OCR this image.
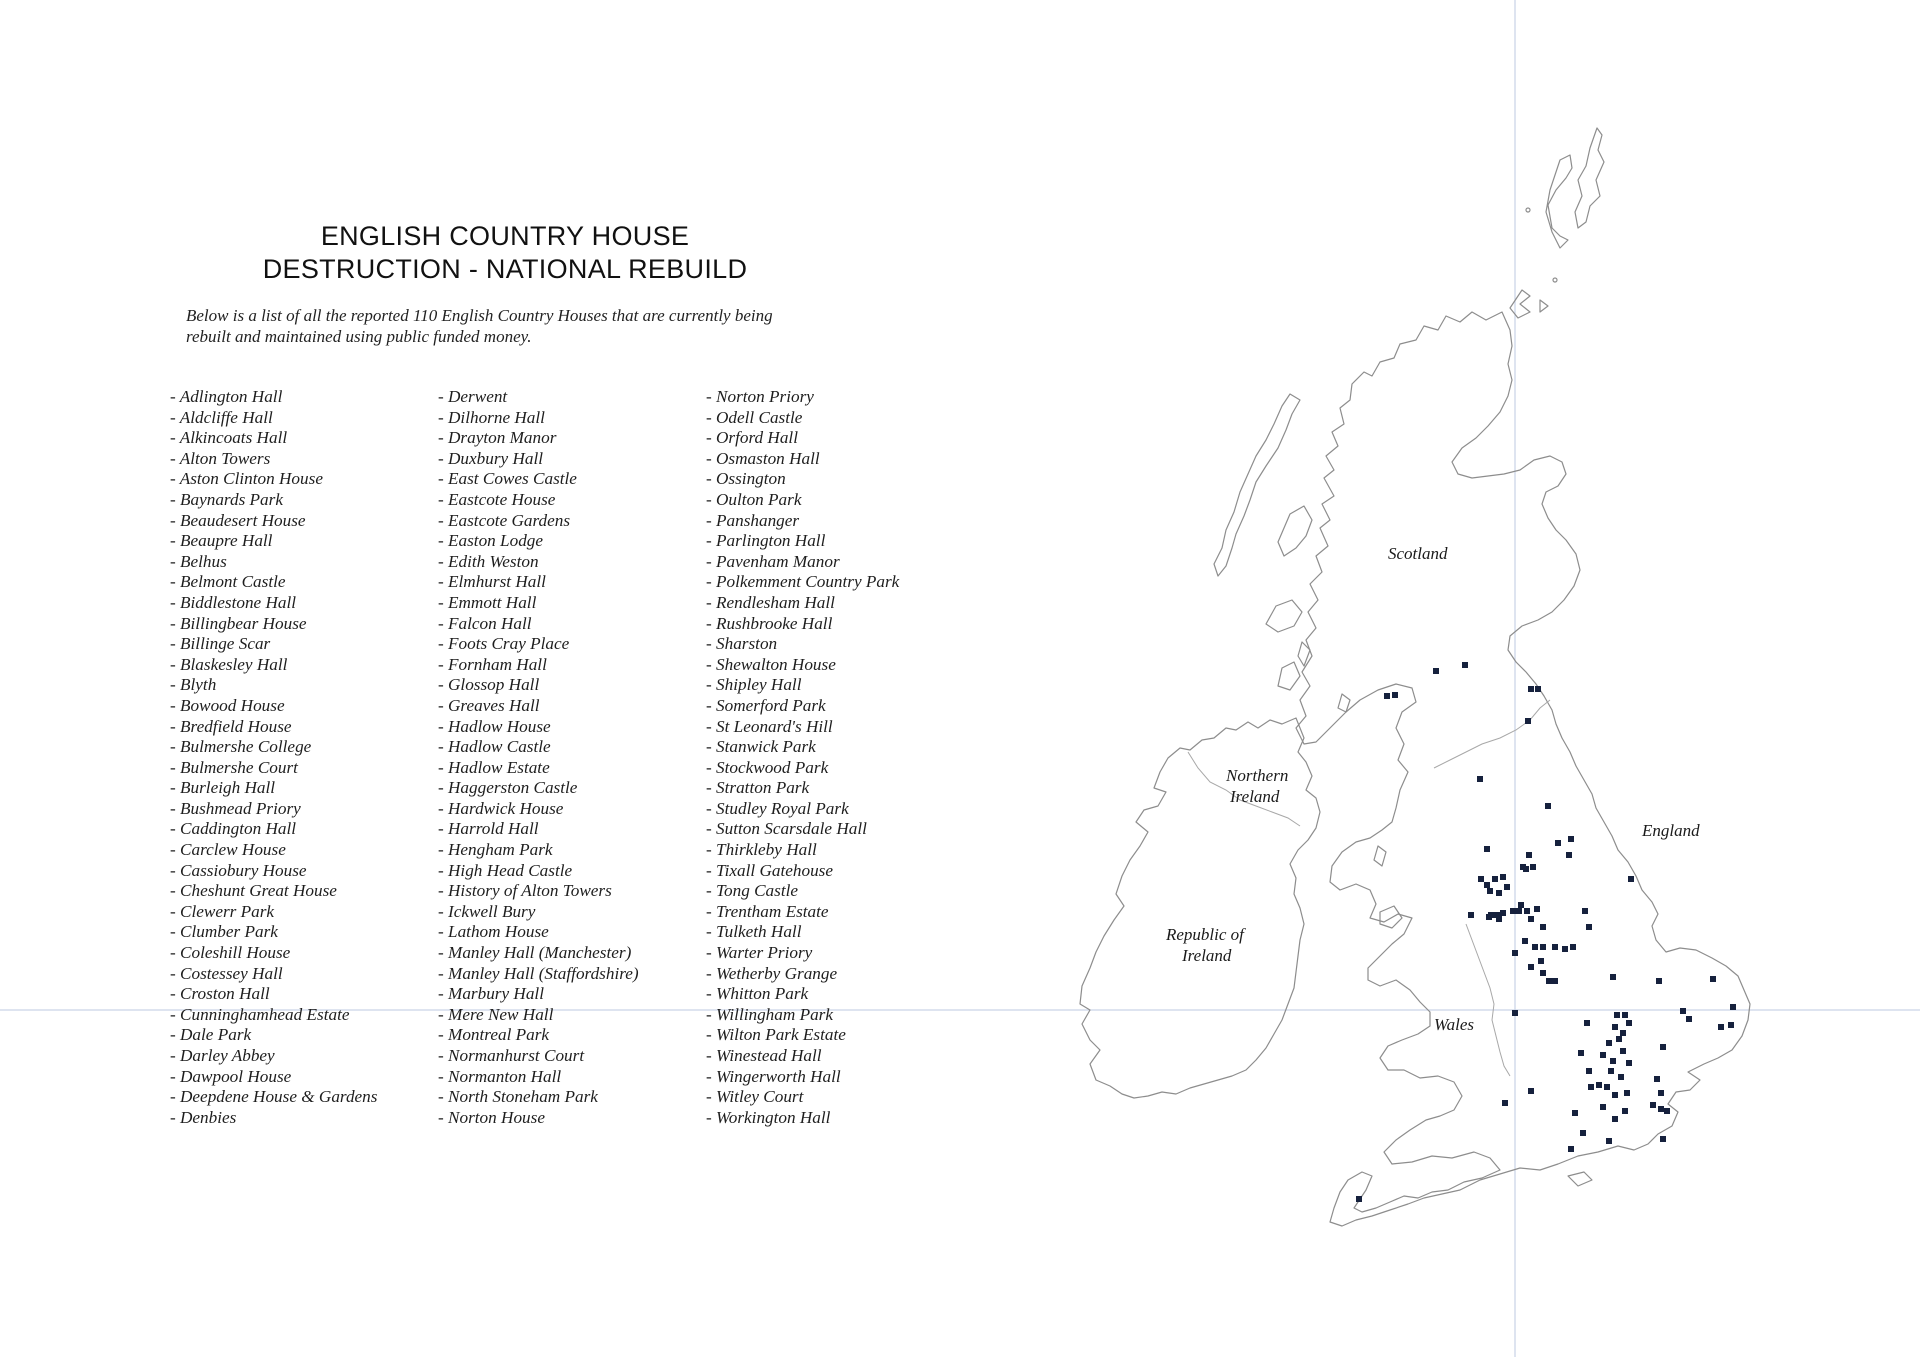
Scotland
Northern
Ireland
Republic of
Ireland
Wales
England
ENGLISH COUNTRY HOUSE
DESTRUCTION - NATIONAL REBUILD
Below is a list of all the reported 110 English Country Houses that are currently being
rebuilt and maintained using public funded money.
- Adlington Hall
- Aldcliffe Hall
- Alkincoats Hall
- Alton Towers
- Aston Clinton House
- Baynards Park
- Beaudesert House
- Beaupre Hall
- Belhus
- Belmont Castle
- Biddlestone Hall
- Billingbear House
- Billinge Scar
- Blaskesley Hall
- Blyth
- Bowood House
- Bredfield House
- Bulmershe College
- Bulmershe Court
- Burleigh Hall
- Bushmead Priory
- Caddington Hall
- Carclew House
- Cassiobury House
- Cheshunt Great House
- Clewerr Park
- Clumber Park
- Coleshill House
- Costessey Hall
- Croston Hall
- Cunninghamhead Estate
- Dale Park
- Darley Abbey
- Dawpool House
- Deepdene House & Gardens
- Denbies
- Derwent
- Dilhorne Hall
- Drayton Manor
- Duxbury Hall
- East Cowes Castle
- Eastcote House
- Eastcote Gardens
- Easton Lodge
- Edith Weston
- Elmhurst Hall
- Emmott Hall
- Falcon Hall
- Foots Cray Place
- Fornham Hall
- Glossop Hall
- Greaves Hall
- Hadlow House
- Hadlow Castle
- Hadlow Estate
- Haggerston Castle
- Hardwick House
- Harrold Hall
- Hengham Park
- High Head Castle
- History of Alton Towers
- Ickwell Bury
- Lathom House
- Manley Hall (Manchester)
- Manley Hall (Staffordshire)
- Marbury Hall
- Mere New Hall
- Montreal Park
- Normanhurst Court
- Normanton Hall
- North Stoneham Park
- Norton House
- Norton Priory
- Odell Castle
- Orford Hall
- Osmaston Hall
- Ossington
- Oulton Park
- Panshanger
- Parlington Hall
- Pavenham Manor
- Polkemment Country Park
- Rendlesham Hall
- Rushbrooke Hall
- Sharston
- Shewalton House
- Shipley Hall
- Somerford Park
- St Leonard's Hill
- Stanwick Park
- Stockwood Park
- Stratton Park
- Studley Royal Park
- Sutton Scarsdale Hall
- Thirkleby Hall
- Tixall Gatehouse
- Tong Castle
- Trentham Estate
- Tulketh Hall
- Warter Priory
- Wetherby Grange
- Whitton Park
- Willingham Park
- Wilton Park Estate
- Winestead Hall
- Wingerworth Hall
- Witley Court
- Workington Hall
